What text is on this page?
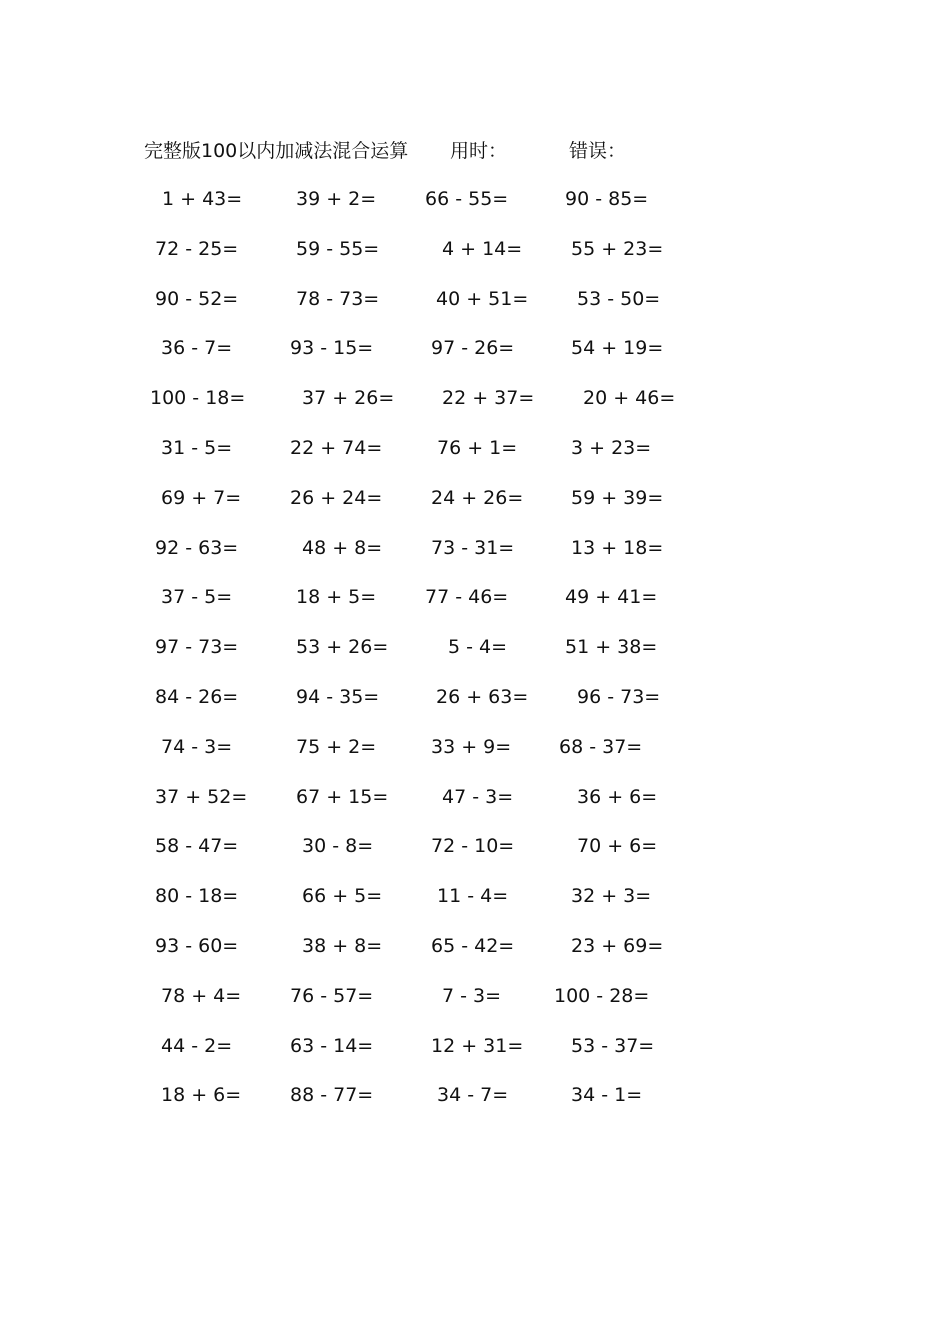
完整版100以内加减法混合运算 用时：	错误：
1 + 43=	39 + 2=	66 - 55=	90 - 85=
72 - 25=	59 - 55=	4 + 14=	55 + 23=
90 - 52=	78 - 73=	40 + 51=	53 - 50=
36 - 7=	93 - 15=	97 - 26=	54 + 19=
100 - 18=	37 + 26=	22 + 37=	20 + 46=
31 - 5=	22 + 74=	76 + 1=	3 + 23=
69 + 7=	26 + 24=	24 + 26=	59 + 39=
92 - 63=	48 + 8=	73 - 31=	13 + 18=
37 - 5=	18 + 5=	77 - 46=	49 + 41=
97 - 73=	53 + 26=	5 - 4=	51 + 38=
84 - 26=	94 - 35=	26 + 63=	96 - 73=
74 - 3=	75 + 2=	33 + 9=	68 - 37=
37 + 52=	67 + 15=	47 - 3=	36 + 6=
58 - 47=	30 - 8=	72 - 10=	70 + 6=
80 - 18=	66 + 5=	11 - 4=	32 + 3=
93 - 60=	38 + 8=	65 - 42=	23 + 69=
78 + 4=	76 - 57=	7 - 3=	100 - 28=
44 - 2=	63 - 14=	12 + 31=	53 - 37=
18 + 6=	88 - 77=	34 - 7=	34 - 1=
